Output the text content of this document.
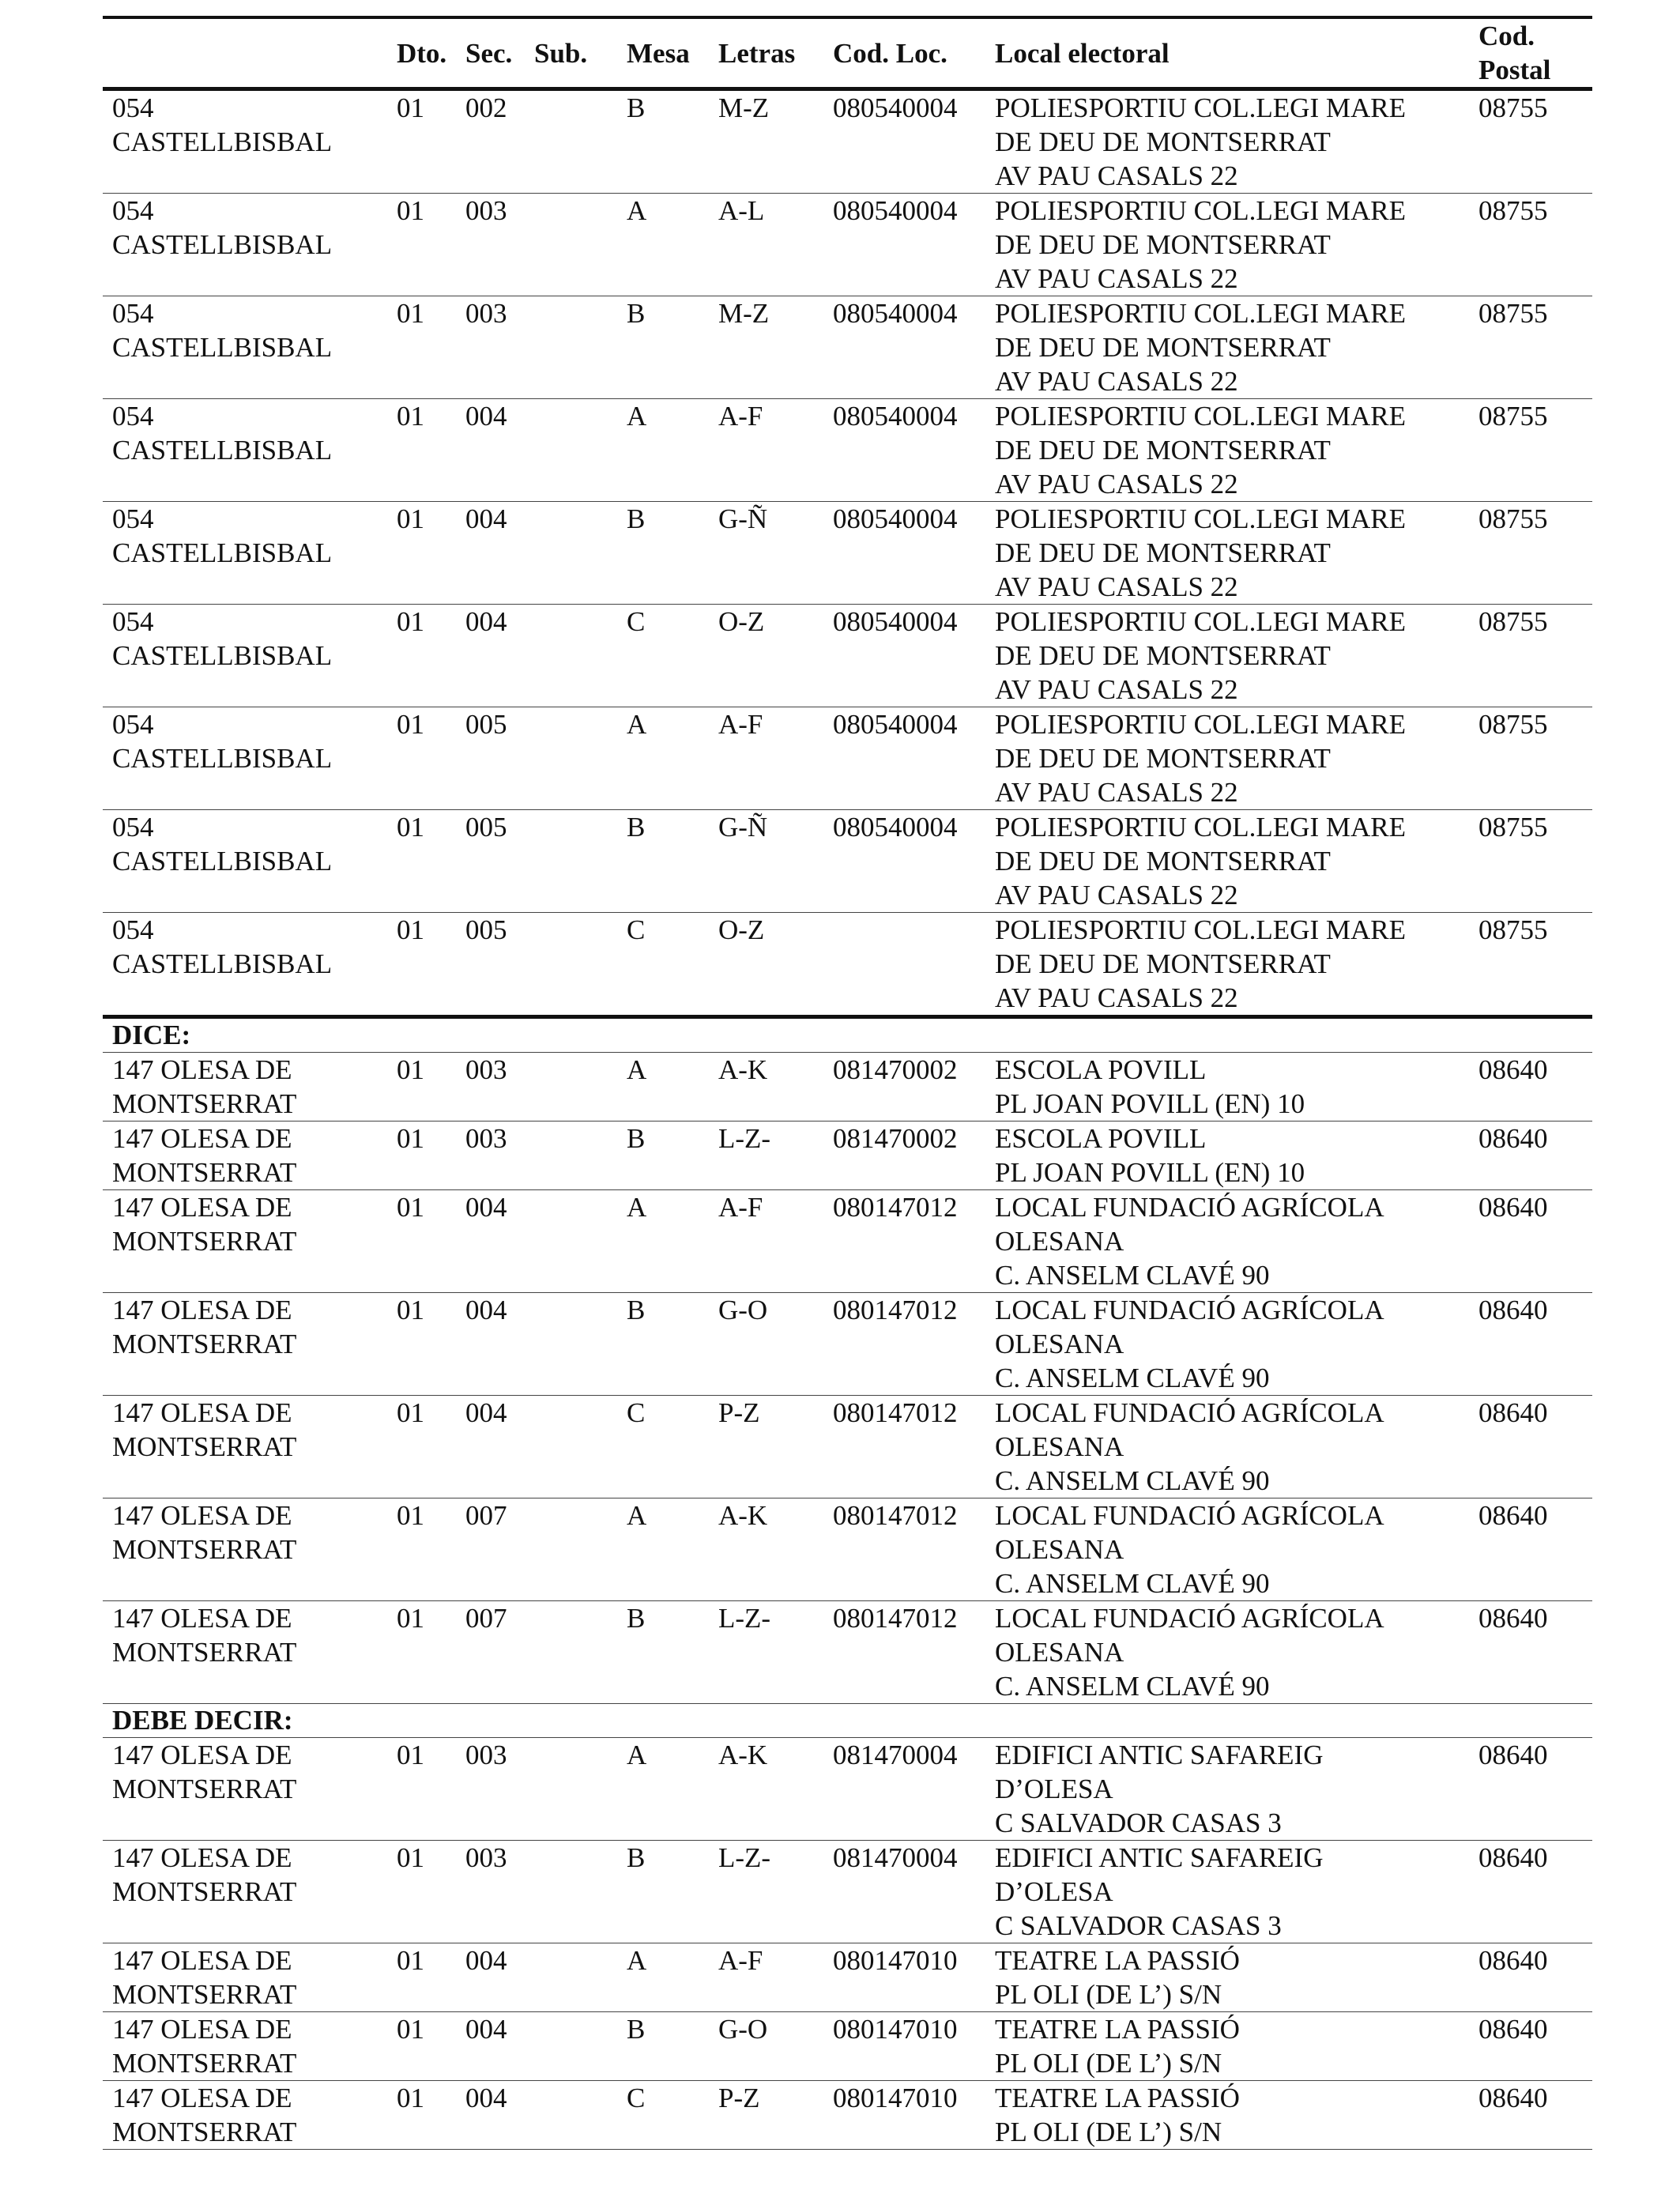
	Dto.	Sec.	Sub.	Mesa	Letras	Cod. Loc.	Local electoral	Cod.
Postal

054
CASTELLBISBAL	01	002		B	M-Z	080540004	POLIESPORTIU COL.LEGI MARE
DE DEU DE MONTSERRAT
AV PAU CASALS 22	08755

054
CASTELLBISBAL	01	003		A	A-L	080540004	POLIESPORTIU COL.LEGI MARE
DE DEU DE MONTSERRAT
AV PAU CASALS 22	08755

054
CASTELLBISBAL	01	003		B	M-Z	080540004	POLIESPORTIU COL.LEGI MARE
DE DEU DE MONTSERRAT
AV PAU CASALS 22	08755

054
CASTELLBISBAL	01	004		A	A-F	080540004	POLIESPORTIU COL.LEGI MARE
DE DEU DE MONTSERRAT
AV PAU CASALS 22	08755

054
CASTELLBISBAL	01	004		B	G-Ñ	080540004	POLIESPORTIU COL.LEGI MARE
DE DEU DE MONTSERRAT
AV PAU CASALS 22	08755

054
CASTELLBISBAL	01	004		C	O-Z	080540004	POLIESPORTIU COL.LEGI MARE
DE DEU DE MONTSERRAT
AV PAU CASALS 22	08755

054
CASTELLBISBAL	01	005		A	A-F	080540004	POLIESPORTIU COL.LEGI MARE
DE DEU DE MONTSERRAT
AV PAU CASALS 22	08755

054
CASTELLBISBAL	01	005		B	G-Ñ	080540004	POLIESPORTIU COL.LEGI MARE
DE DEU DE MONTSERRAT
AV PAU CASALS 22	08755

054
CASTELLBISBAL	01	005		C	O-Z		POLIESPORTIU COL.LEGI MARE
DE DEU DE MONTSERRAT
AV PAU CASALS 22	08755
DICE:								

147 OLESA DE
MONTSERRAT	01	003		A	A-K	081470002	ESCOLA POVILL
PL JOAN POVILL (EN) 10	08640

147 OLESA DE
MONTSERRAT	01	003		B	L-Z-	081470002	ESCOLA POVILL
PL JOAN POVILL (EN) 10	08640

147 OLESA DE
MONTSERRAT	01	004		A	A-F	080147012	LOCAL FUNDACIÓ AGRÍCOLA
OLESANA
C. ANSELM CLAVÉ 90	08640

147 OLESA DE
MONTSERRAT	01	004		B	G-O	080147012	LOCAL FUNDACIÓ AGRÍCOLA
OLESANA
C. ANSELM CLAVÉ 90	08640

147 OLESA DE
MONTSERRAT	01	004		C	P-Z	080147012	LOCAL FUNDACIÓ AGRÍCOLA
OLESANA
C. ANSELM CLAVÉ 90	08640

147 OLESA DE
MONTSERRAT	01	007		A	A-K	080147012	LOCAL FUNDACIÓ AGRÍCOLA
OLESANA
C. ANSELM CLAVÉ 90	08640

147 OLESA DE
MONTSERRAT	01	007		B	L-Z-	080147012	LOCAL FUNDACIÓ AGRÍCOLA
OLESANA
C. ANSELM CLAVÉ 90	08640
DEBE DECIR:								

147 OLESA DE
MONTSERRAT	01	003		A	A-K	081470004	EDIFICI ANTIC SAFAREIG
D’OLESA
C SALVADOR CASAS 3	08640

147 OLESA DE
MONTSERRAT	01	003		B	L-Z-	081470004	EDIFICI ANTIC SAFAREIG
D’OLESA
C SALVADOR CASAS 3	08640

147 OLESA DE
MONTSERRAT	01	004		A	A-F	080147010	TEATRE LA PASSIÓ
PL OLI (DE L’) S/N	08640

147 OLESA DE
MONTSERRAT	01	004		B	G-O	080147010	TEATRE LA PASSIÓ
PL OLI (DE L’) S/N	08640

147 OLESA DE
MONTSERRAT	01	004		C	P-Z	080147010	TEATRE LA PASSIÓ
PL OLI (DE L’) S/N	08640
